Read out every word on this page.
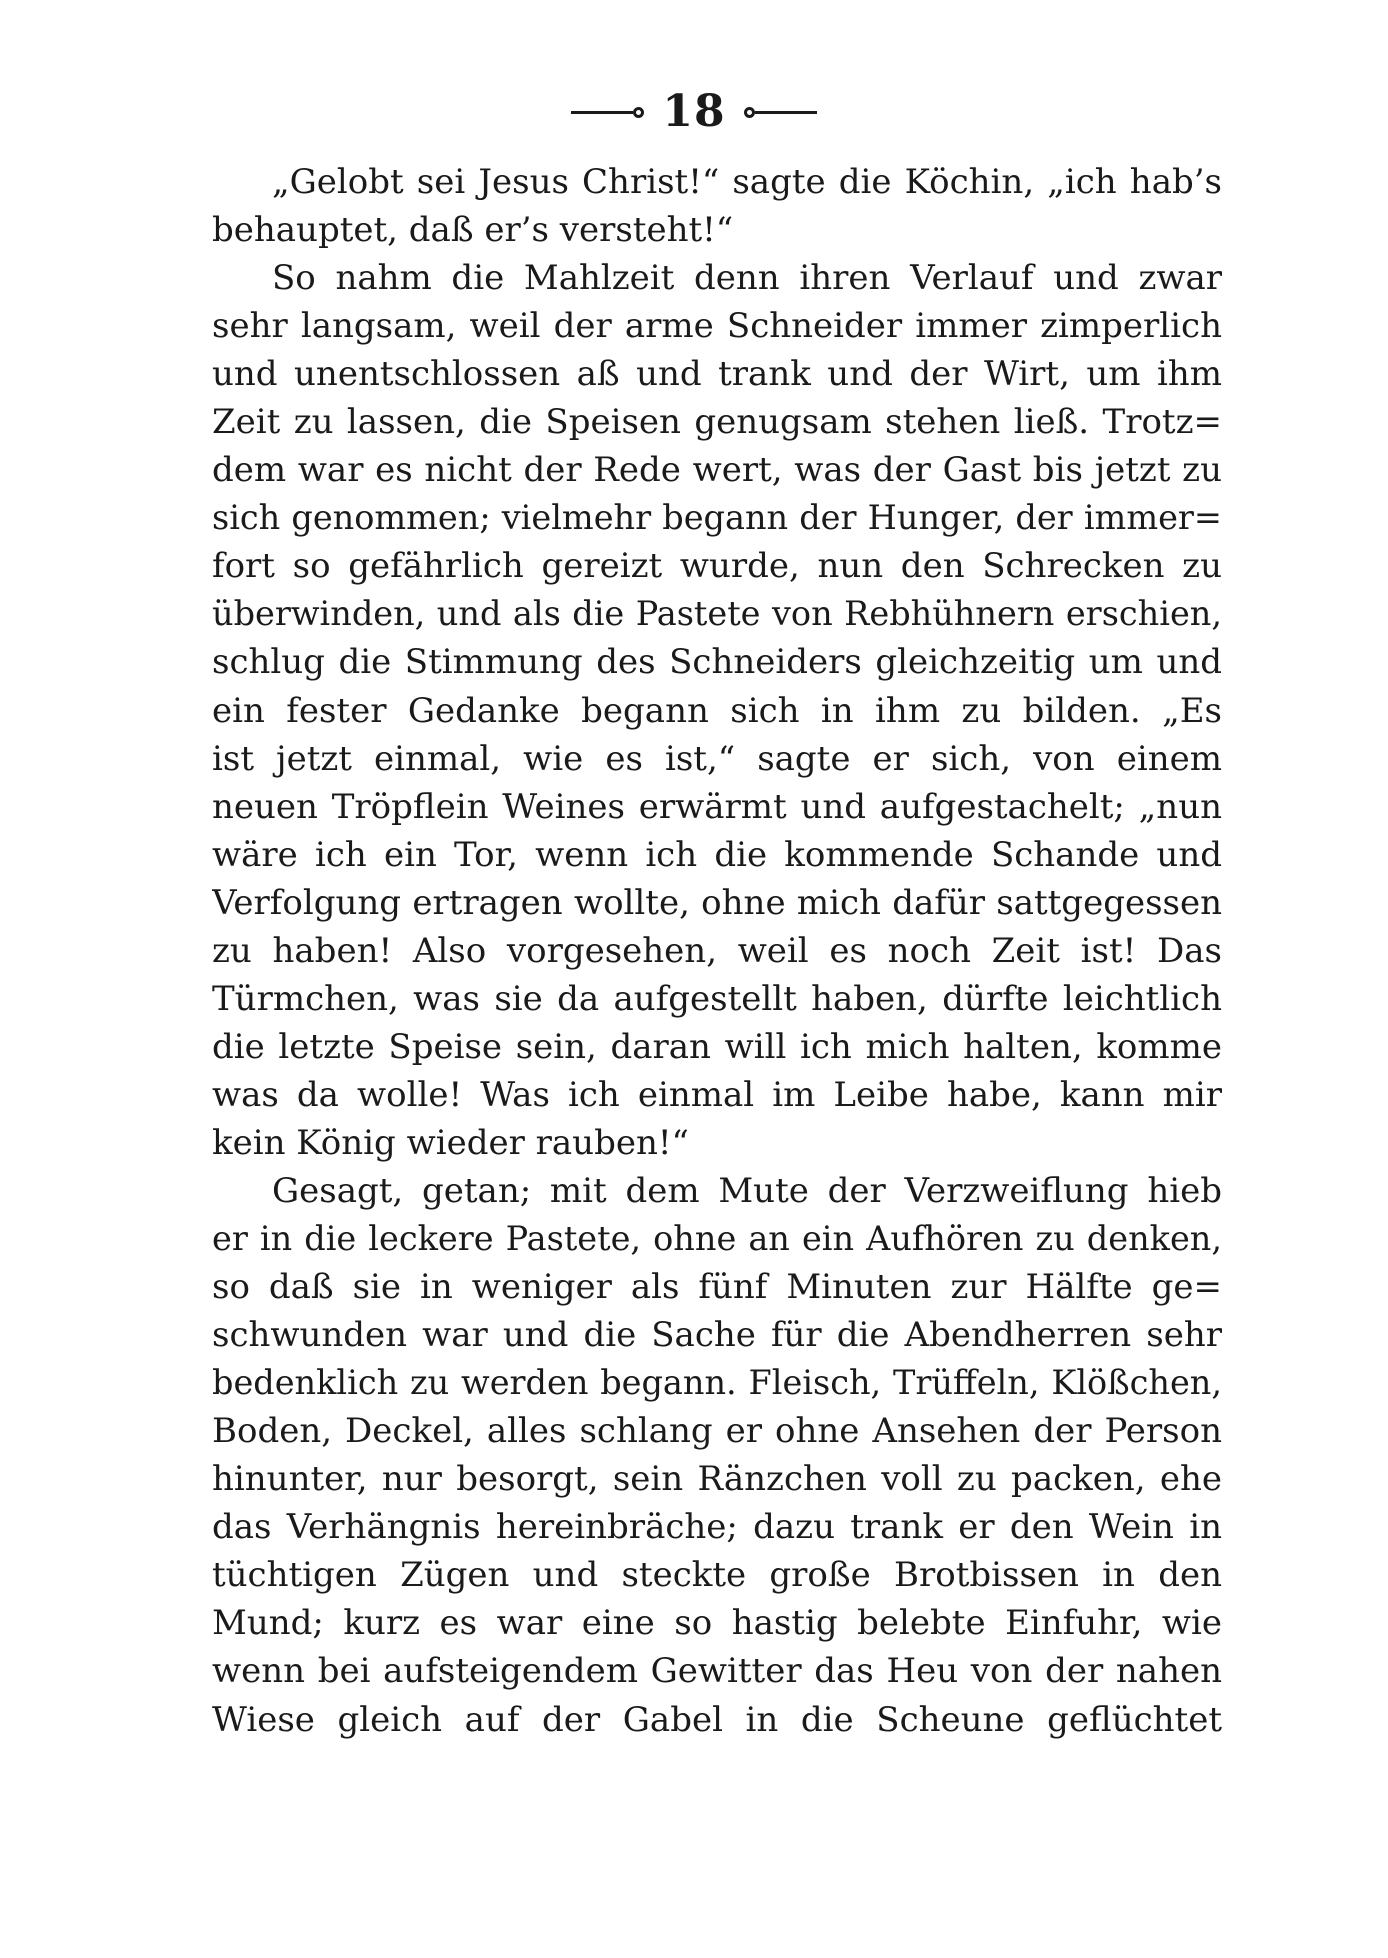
18
„Gelobt sei Jesus Christ!“ sagte die Köchin, „ich hab’s
behauptet, daß er’s versteht!“
So nahm die Mahlzeit denn ihren Verlauf und zwar
sehr langsam, weil der arme Schneider immer zimperlich
und unentschlossen aß und trank und der Wirt, um ihm
Zeit zu lassen, die Speisen genugsam stehen ließ. Trotz=
dem war es nicht der Rede wert, was der Gast bis jetzt zu
sich genommen; vielmehr begann der Hunger, der immer=
fort so gefährlich gereizt wurde, nun den Schrecken zu
überwinden, und als die Pastete von Rebhühnern erschien,
schlug die Stimmung des Schneiders gleichzeitig um und
ein fester Gedanke begann sich in ihm zu bilden. „Es
ist jetzt einmal, wie es ist,“ sagte er sich, von einem
neuen Tröpflein Weines erwärmt und aufgestachelt; „nun
wäre ich ein Tor, wenn ich die kommende Schande und
Verfolgung ertragen wollte, ohne mich dafür sattgegessen
zu haben! Also vorgesehen, weil es noch Zeit ist! Das
Türmchen, was sie da aufgestellt haben, dürfte leichtlich
die letzte Speise sein, daran will ich mich halten, komme
was da wolle! Was ich einmal im Leibe habe, kann mir
kein König wieder rauben!“
Gesagt, getan; mit dem Mute der Verzweiflung hieb
er in die leckere Pastete, ohne an ein Aufhören zu denken,
so daß sie in weniger als fünf Minuten zur Hälfte ge=
schwunden war und die Sache für die Abendherren sehr
bedenklich zu werden begann. Fleisch, Trüffeln, Klößchen,
Boden, Deckel, alles schlang er ohne Ansehen der Person
hinunter, nur besorgt, sein Ränzchen voll zu packen, ehe
das Verhängnis hereinbräche; dazu trank er den Wein in
tüchtigen Zügen und steckte große Brotbissen in den
Mund; kurz es war eine so hastig belebte Einfuhr, wie
wenn bei aufsteigendem Gewitter das Heu von der nahen
Wiese gleich auf der Gabel in die Scheune geflüchtet
